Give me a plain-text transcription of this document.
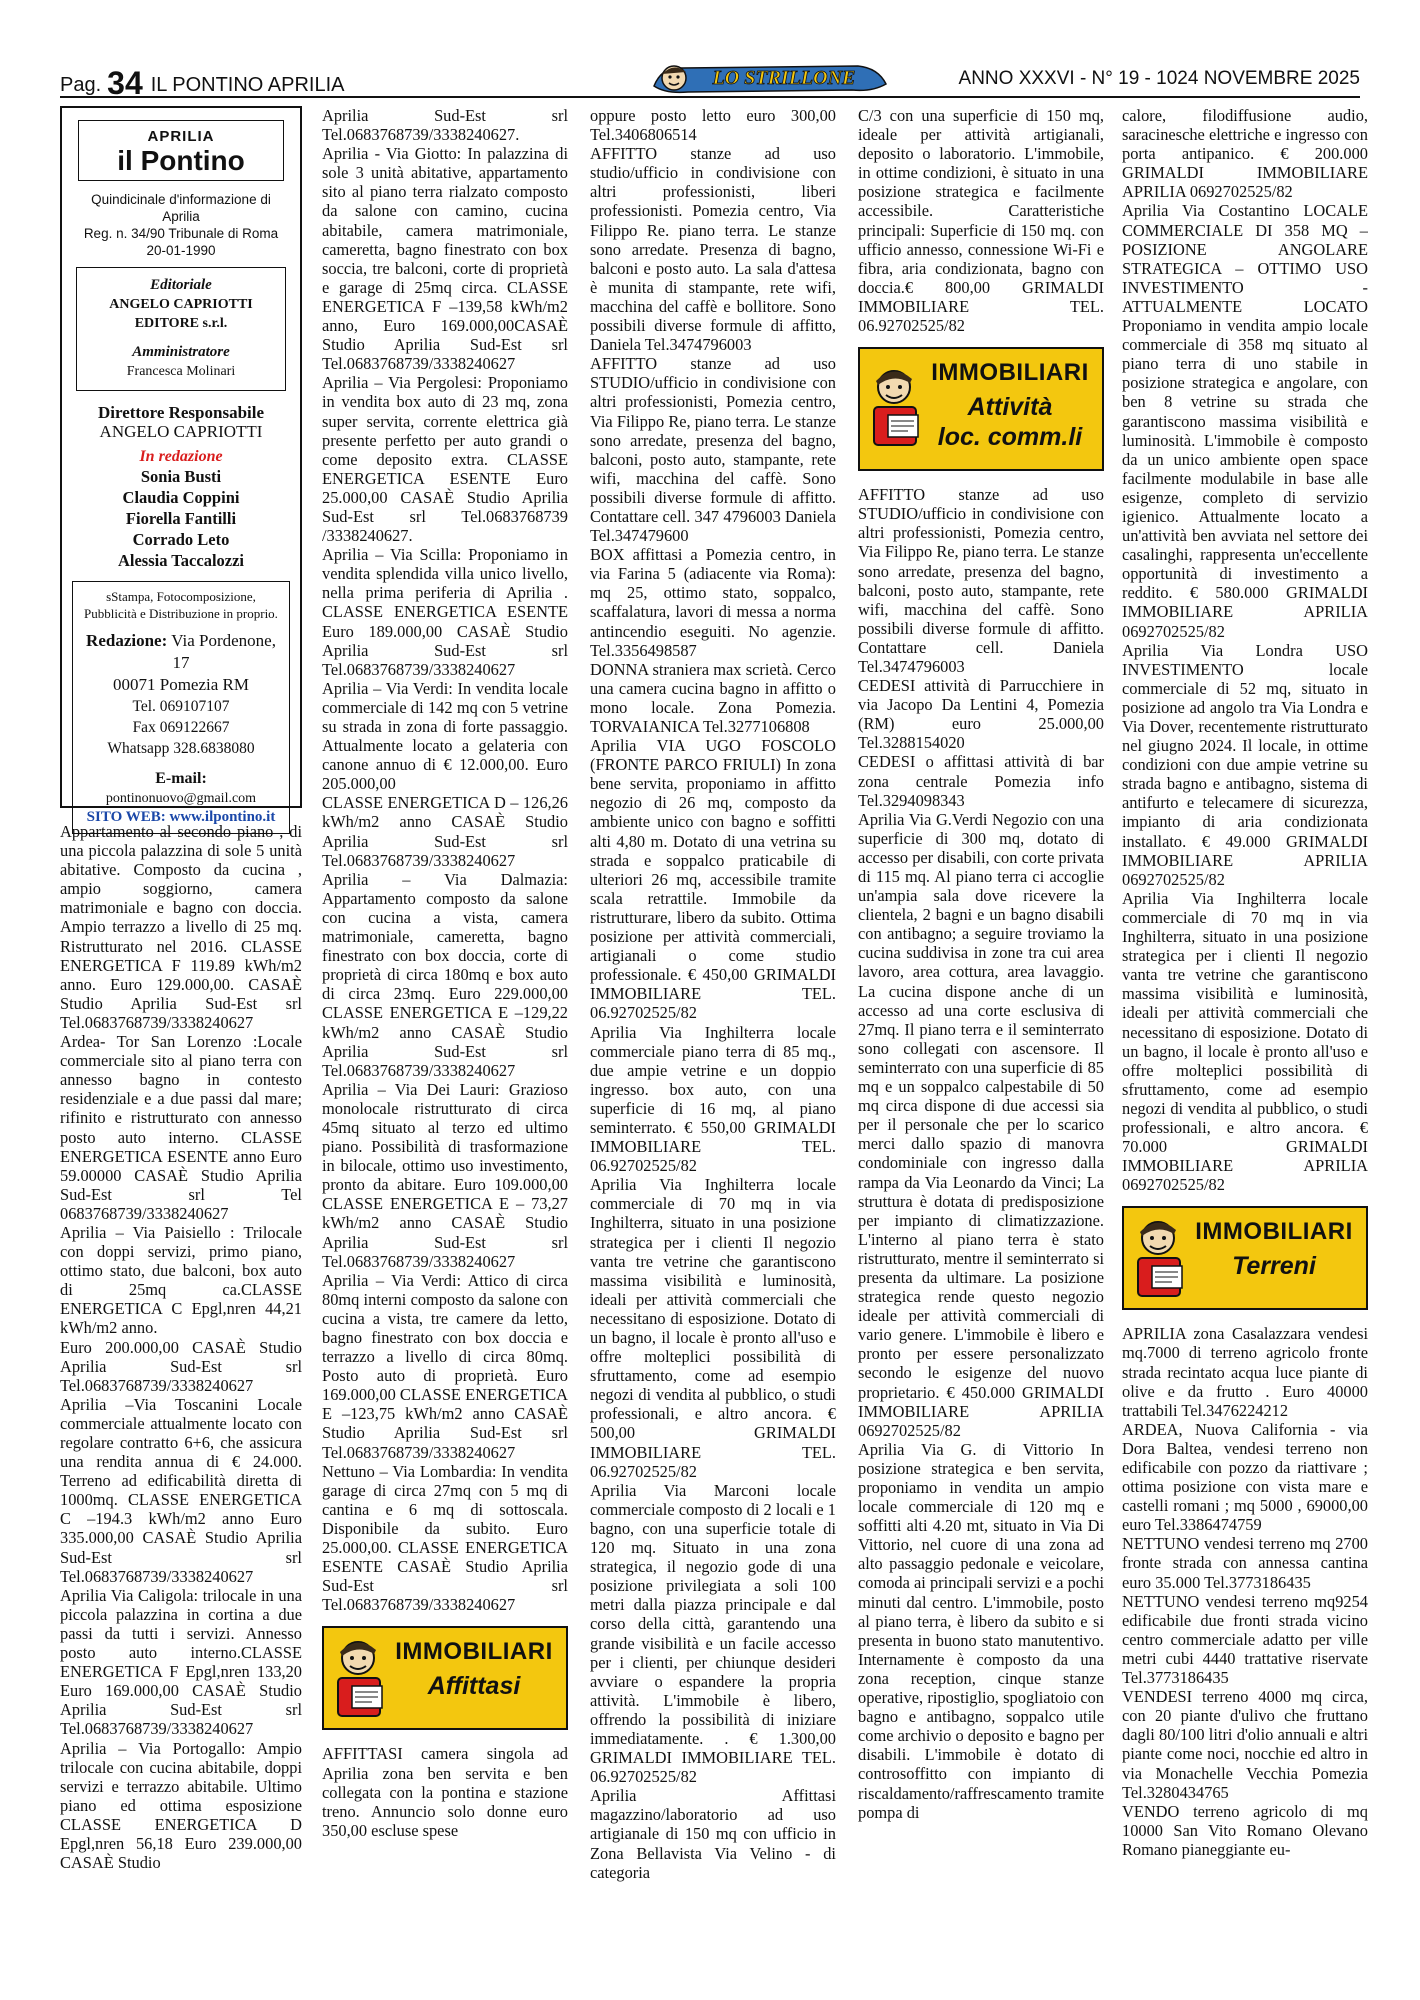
Pag. 34 IL PONTINO APRILIA	LO STRILLONE	ANNO XXXVI - N° 19 - 1024 NOVEMBRE 2025
APRILIA
il Pontino
Quindicinale d'informazione di Aprilia
Reg. n. 34/90 Tribunale di Roma
20-01-1990
Editoriale
ANGELO CAPRIOTTI EDITORE s.r.l.
Amministratore
Francesca Molinari
Direttore Responsabile
ANGELO CAPRIOTTI
In redazione
Sonia Busti
Claudia Coppini
Fiorella Fantilli
Corrado Leto
Alessia Taccalozzi
sStampa, Fotocomposizione, Pubblicità e Distribuzione in proprio.
Redazione: Via Pordenone, 17
00071 Pomezia RM
Tel. 069107107
Fax 069122667
Whatsapp 328.6838080
E-mail: pontinonuovo@gmail.com
SITO WEB: www.ilpontino.it

Appartamento al secondo piano , di una piccola palazzina di sole 5 unità abitative. Composto da cucina , ampio soggiorno, camera matrimoniale e bagno con doccia. Ampio terrazzo a livello di 25 mq. Ristrutturato nel 2016. CLASSE ENERGETICA F 119.89 kWh/m2 anno. Euro 129.000,00. CASAÈ Studio Aprilia Sud-Est srl Tel.0683768739/3338240627

Ardea- Tor San Lorenzo :Locale commerciale sito al piano terra con annesso bagno in contesto residenziale e a due passi dal mare; rifinito e ristrutturato con annesso posto auto interno. CLASSE ENERGETICA ESENTE anno Euro 59.00000 CASAÈ Studio Aprilia Sud-Est srl Tel 0683768739/3338240627

Aprilia – Via Paisiello : Trilocale con doppi servizi, primo piano, ottimo stato, due balconi, box auto di 25mq ca.CLASSE ENERGETICA C Epgl,nren 44,21 kWh/m2 anno.

Euro 200.000,00 CASAÈ Studio Aprilia Sud-Est srl Tel.0683768739/3338240627

Aprilia –Via Toscanini Locale commerciale attualmente locato con regolare contratto 6+6, che assicura una rendita annua di € 24.000. Terreno ad edificabilità diretta di 1000mq. CLASSE ENERGETICA C –194.3 kWh/m2 anno Euro 335.000,00 CASAÈ Studio Aprilia Sud-Est srl Tel.0683768739/3338240627

Aprilia Via Caligola: trilocale in una piccola palazzina in cortina a due passi da tutti i servizi. Annesso posto auto interno.CLASSE ENERGETICA F Epgl,nren 133,20 Euro 169.000,00 CASAÈ Studio Aprilia Sud-Est srl Tel.0683768739/3338240627

Aprilia – Via Portogallo: Ampio trilocale con cucina abitabile, doppi servizi e terrazzo abitabile. Ultimo piano ed ottima esposizione CLASSE ENERGETICA D Epgl,nren 56,18 Euro 239.000,00 CASAÈ Studio

Aprilia Sud-Est srl Tel.0683768739/3338240627.

Aprilia - Via Giotto: In palazzina di sole 3 unità abitative, appartamento sito al piano terra rialzato composto da salone con camino, cucina abitabile, camera matrimoniale, cameretta, bagno finestrato con box soccia, tre balconi, corte di proprietà e garage di 25mq circa. CLASSE ENERGETICA F –139,58 kWh/m2 anno, Euro 169.000,00CASAÈ Studio Aprilia Sud-Est srl Tel.0683768739/3338240627

Aprilia – Via Pergolesi: Proponiamo in vendita box auto di 23 mq, zona super servita, corrente elettrica già presente perfetto per auto grandi o come deposito extra. CLASSE ENERGETICA ESENTE Euro 25.000,00 CASAÈ Studio Aprilia Sud-Est srl Tel.0683768739 /3338240627.

Aprilia – Via Scilla: Proponiamo in vendita splendida villa unico livello, nella prima periferia di Aprilia . CLASSE ENERGETICA ESENTE Euro 189.000,00 CASAÈ Studio Aprilia Sud-Est srl Tel.0683768739/3338240627

Aprilia – Via Verdi: In vendita locale commerciale di 142 mq con 5 vetrine su strada in zona di forte passaggio. Attualmente locato a gelateria con canone annuo di € 12.000,00. Euro 205.000,00

CLASSE ENERGETICA D – 126,26 kWh/m2 anno CASAÈ Studio Aprilia Sud-Est srl Tel.0683768739/3338240627

Aprilia – Via Dalmazia: Appartamento composto da salone con cucina a vista, camera matrimoniale, cameretta, bagno finestrato con box doccia, corte di proprietà di circa 180mq e box auto di circa 23mq. Euro 229.000,00 CLASSE ENERGETICA E –129,22 kWh/m2 anno CASAÈ Studio Aprilia Sud-Est srl Tel.0683768739/3338240627

Aprilia – Via Dei Lauri: Grazioso monolocale ristrutturato di circa 45mq situato al terzo ed ultimo piano. Possibilità di trasformazione in bilocale, ottimo uso investimento, pronto da abitare. Euro 109.000,00 CLASSE ENERGETICA E – 73,27 kWh/m2 anno CASAÈ Studio Aprilia Sud-Est srl Tel.0683768739/3338240627

Aprilia – Via Verdi: Attico di circa 80mq interni composto da salone con cucina a vista, tre camere da letto, bagno finestrato con box doccia e terrazzo a livello di circa 80mq. Posto auto di proprietà. Euro 169.000,00 CLASSE ENERGETICA E –123,75 kWh/m2 anno CASAÈ Studio Aprilia Sud-Est srl Tel.0683768739/3338240627

Nettuno – Via Lombardia: In vendita garage di circa 27mq con 5 mq di cantina e 6 mq di sottoscala. Disponibile da subito. Euro 25.000,00. CLASSE ENERGETICA ESENTE CASAÈ Studio Aprilia Sud-Est srl Tel.0683768739/3338240627

IMMOBILIARI
Affittasi

AFFITTASI camera singola ad Aprilia zona ben servita e ben collegata con la pontina e stazione treno. Annuncio solo donne euro 350,00 escluse spese

oppure posto letto euro 300,00 Tel.3406806514

AFFITTO stanze ad uso studio/ufficio in condivisione con altri professionisti, liberi professionisti. Pomezia centro, Via Filippo Re. piano terra. Le stanze sono arredate. Presenza di bagno, balconi e posto auto. La sala d'attesa è munita di stampante, rete wifi, macchina del caffè e bollitore. Sono possibili diverse formule di affitto, Daniela Tel.3474796003

AFFITTO stanze ad uso STUDIO/ufficio in condivisione con altri professionisti, Pomezia centro, Via Filippo Re, piano terra. Le stanze sono arredate, presenza del bagno, balconi, posto auto, stampante, rete wifi, macchina del caffè. Sono possibili diverse formule di affitto. Contattare cell. 347 4796003 Daniela Tel.347479600

BOX affittasi a Pomezia centro, in via Farina 5 (adiacente via Roma): mq 25, ottimo stato, soppalco, scaffalatura, lavori di messa a norma antincendio eseguiti. No agenzie. Tel.3356498587

DONNA straniera max scrietà. Cerco una camera cucina bagno in affitto o mono locale. Zona Pomezia. TORVAIANICA Tel.3277106808

Aprilia VIA UGO FOSCOLO (FRONTE PARCO FRIULI) In zona bene servita, proponiamo in affitto negozio di 26 mq, composto da ambiente unico con bagno e soffitti alti 4,80 m. Dotato di una vetrina su strada e soppalco praticabile di ulteriori 26 mq, accessibile tramite scala retrattile. Immobile da ristrutturare, libero da subito. Ottima posizione per attività commerciali, artigianali o come studio professionale. € 450,00 GRIMALDI IMMOBILIARE TEL. 06.92702525/82

Aprilia Via Inghilterra locale commerciale piano terra di 85 mq., due ampie vetrine e un doppio ingresso. box auto, con una superficie di 16 mq, al piano seminterrato. € 550,00 GRIMALDI IMMOBILIARE TEL. 06.92702525/82

Aprilia Via Inghilterra locale commerciale di 70 mq in via Inghilterra, situato in una posizione strategica per i clienti Il negozio vanta tre vetrine che garantiscono massima visibilità e luminosità, ideali per attività commerciali che necessitano di esposizione. Dotato di un bagno, il locale è pronto all'uso e offre molteplici possibilità di sfruttamento, come ad esempio negozi di vendita al pubblico, o studi professionali, e altro ancora. € 500,00 GRIMALDI IMMOBILIARE TEL. 06.92702525/82

Aprilia Via Marconi locale commerciale composto di 2 locali e 1 bagno, con una superficie totale di 120 mq. Situato in una zona strategica, il negozio gode di una posizione privilegiata a soli 100 metri dalla piazza principale e dal corso della città, garantendo una grande visibilità e un facile accesso per i clienti, per chiunque desideri avviare o espandere la propria attività. L'immobile è libero, offrendo la possibilità di iniziare immediatamente. . € 1.300,00 GRIMALDI IMMOBILIARE TEL. 06.92702525/82

Aprilia Affittasi magazzino/laboratorio ad uso artigianale di 150 mq con ufficio in Zona Bellavista Via Velino - di categoria

C/3 con una superficie di 150 mq, ideale per attività artigianali, deposito o laboratorio. L'immobile, in ottime condizioni, è situato in una posizione strategica e facilmente accessibile. Caratteristiche principali: Superficie di 150 mq. con ufficio annesso, connessione Wi-Fi e fibra, aria condizionata, bagno con doccia.€ 800,00 GRIMALDI IMMOBILIARE TEL. 06.92702525/82

IMMOBILIARI
Attività
loc. comm.li

AFFITTO stanze ad uso STUDIO/ufficio in condivisione con altri professionisti, Pomezia centro, Via Filippo Re, piano terra. Le stanze sono arredate, presenza del bagno, balconi, posto auto, stampante, rete wifi, macchina del caffè. Sono possibili diverse formule di affitto. Contattare cell. Daniela Tel.3474796003

CEDESI attività di Parrucchiere in via Jacopo Da Lentini 4, Pomezia (RM) euro 25.000,00 Tel.3288154020

CEDESI o affittasi attività di bar zona centrale Pomezia info Tel.3294098343

Aprilia Via G.Verdi Negozio con una superficie di 300 mq, dotato di accesso per disabili, con corte privata di 115 mq. Al piano terra ci accoglie un'ampia sala dove ricevere la clientela, 2 bagni e un bagno disabili con antibagno; a seguire troviamo la cucina suddivisa in zone tra cui area lavoro, area cottura, area lavaggio. La cucina dispone anche di un accesso ad una corte esclusiva di 27mq. Il piano terra e il seminterrato sono collegati con ascensore. Il seminterrato con una superficie di 85 mq e un soppalco calpestabile di 50 mq circa dispone di due accessi sia per il personale che per lo scarico merci dallo spazio di manovra condominiale con ingresso dalla rampa da Via Leonardo da Vinci; La struttura è dotata di predisposizione per impianto di climatizzazione. L'interno al piano terra è stato ristrutturato, mentre il seminterrato si presenta da ultimare. La posizione strategica rende questo negozio ideale per attività commerciali di vario genere. L'immobile è libero e pronto per essere personalizzato secondo le esigenze del nuovo proprietario. € 450.000 GRIMALDI IMMOBILIARE APRILIA 0692702525/82

Aprilia Via G. di Vittorio In posizione strategica e ben servita, proponiamo in vendita un ampio locale commerciale di 120 mq e soffitti alti 4.20 mt, situato in Via Di Vittorio, nel cuore di una zona ad alto passaggio pedonale e veicolare, comoda ai principali servizi e a pochi minuti dal centro. L'immobile, posto al piano terra, è libero da subito e si presenta in buono stato manutentivo. Internamente è composto da una zona reception, cinque stanze operative, ripostiglio, spogliatoio con bagno e antibagno, soppalco utile come archivio o deposito e bagno per disabili. L'immobile è dotato di controsoffitto con impianto di riscaldamento/raffrescamento tramite pompa di

calore, filodiffusione audio, saracinesche elettriche e ingresso con porta antipanico. € 200.000 GRIMALDI IMMOBILIARE APRILIA 0692702525/82

Aprilia Via Costantino LOCALE COMMERCIALE DI 358 MQ – POSIZIONE ANGOLARE STRATEGICA – OTTIMO USO INVESTIMENTO -ATTUALMENTE LOCATO Proponiamo in vendita ampio locale commerciale di 358 mq situato al piano terra di uno stabile in posizione strategica e angolare, con ben 8 vetrine su strada che garantiscono massima visibilità e luminosità. L'immobile è composto da un unico ambiente open space facilmente modulabile in base alle esigenze, completo di servizio igienico. Attualmente locato a un'attività ben avviata nel settore dei casalinghi, rappresenta un'eccellente opportunità di investimento a reddito. € 580.000 GRIMALDI IMMOBILIARE APRILIA 0692702525/82

Aprilia Via Londra USO INVESTIMENTO locale commerciale di 52 mq, situato in posizione ad angolo tra Via Londra e Via Dover, recentemente ristrutturato nel giugno 2024. Il locale, in ottime condizioni con due ampie vetrine su strada bagno e antibagno, sistema di antifurto e telecamere di sicurezza, impianto di aria condizionata installato. € 49.000 GRIMALDI IMMOBILIARE APRILIA 0692702525/82

Aprilia Via Inghilterra locale commerciale di 70 mq in via Inghilterra, situato in una posizione strategica per i clienti Il negozio vanta tre vetrine che garantiscono massima visibilità e luminosità, ideali per attività commerciali che necessitano di esposizione. Dotato di un bagno, il locale è pronto all'uso e offre molteplici possibilità di sfruttamento, come ad esempio negozi di vendita al pubblico, o studi professionali, e altro ancora. € 70.000 GRIMALDI IMMOBILIARE APRILIA 0692702525/82

IMMOBILIARI
Terreni

APRILIA zona Casalazzara vendesi mq.7000 di terreno agricolo fronte strada recintato acqua luce piante di olive e da frutto . Euro 40000 trattabili Tel.3476224212

ARDEA, Nuova California - via Dora Baltea, vendesi terreno non edificabile con pozzo da riattivare ; ottima posizione con vista mare e castelli romani ; mq 5000 , 69000,00 euro Tel.3386474759

NETTUNO vendesi terreno mq 2700 fronte strada con annessa cantina euro 35.000 Tel.3773186435

NETTUNO vendesi terreno mq9254 edificabile due fronti strada vicino centro commerciale adatto per ville metri cubi 4440 trattative riservate Tel.3773186435

VENDESI terreno 4000 mq circa, con 20 piante d'ulivo che fruttano dagli 80/100 litri d'olio annuali e altri piante come noci, nocchie ed altro in via Monachelle Vecchia Pomezia Tel.3280434765

VENDO terreno agricolo di mq 10000 San Vito Romano Olevano Romano pianeggiante eu-
